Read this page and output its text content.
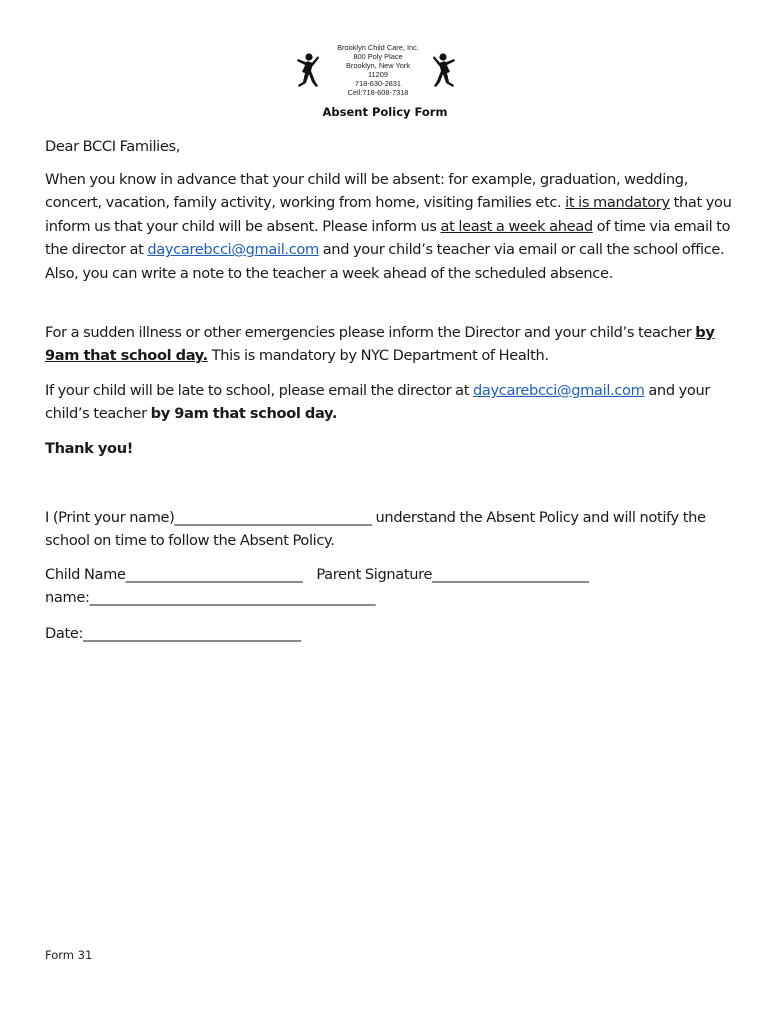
Brooklyn Child Care, Inc.
800 Poly Place
Brooklyn, New York
11209
718-630-2831
Cell:718-608-7318
Absent Policy Form

Dear BCCI Families,

When you know in advance that your child will be absent: for example, graduation, wedding, concert, vacation, family activity, working from home, visiting families etc. it is mandatory that you inform us that your child will be absent. Please inform us at least a week ahead of time via email to the director at daycarebcci@gmail.com and your child’s teacher via email or call the school office. Also, you can write a note to the teacher a week ahead of the scheduled absence.

For a sudden illness or other emergencies please inform the Director and your child’s teacher by 9am that school day. This is mandatory by NYC Department of Health.

If your child will be late to school, please email the director at daycarebcci@gmail.com and your child’s teacher by 9am that school day.

Thank you!

I (Print your name)_____________________________ understand the Absent Policy and will notify the school on time to follow the Absent Policy.

Child Name__________________________ Parent Signature_______________________

name:__________________________________________

Date:________________________________

Form 31
